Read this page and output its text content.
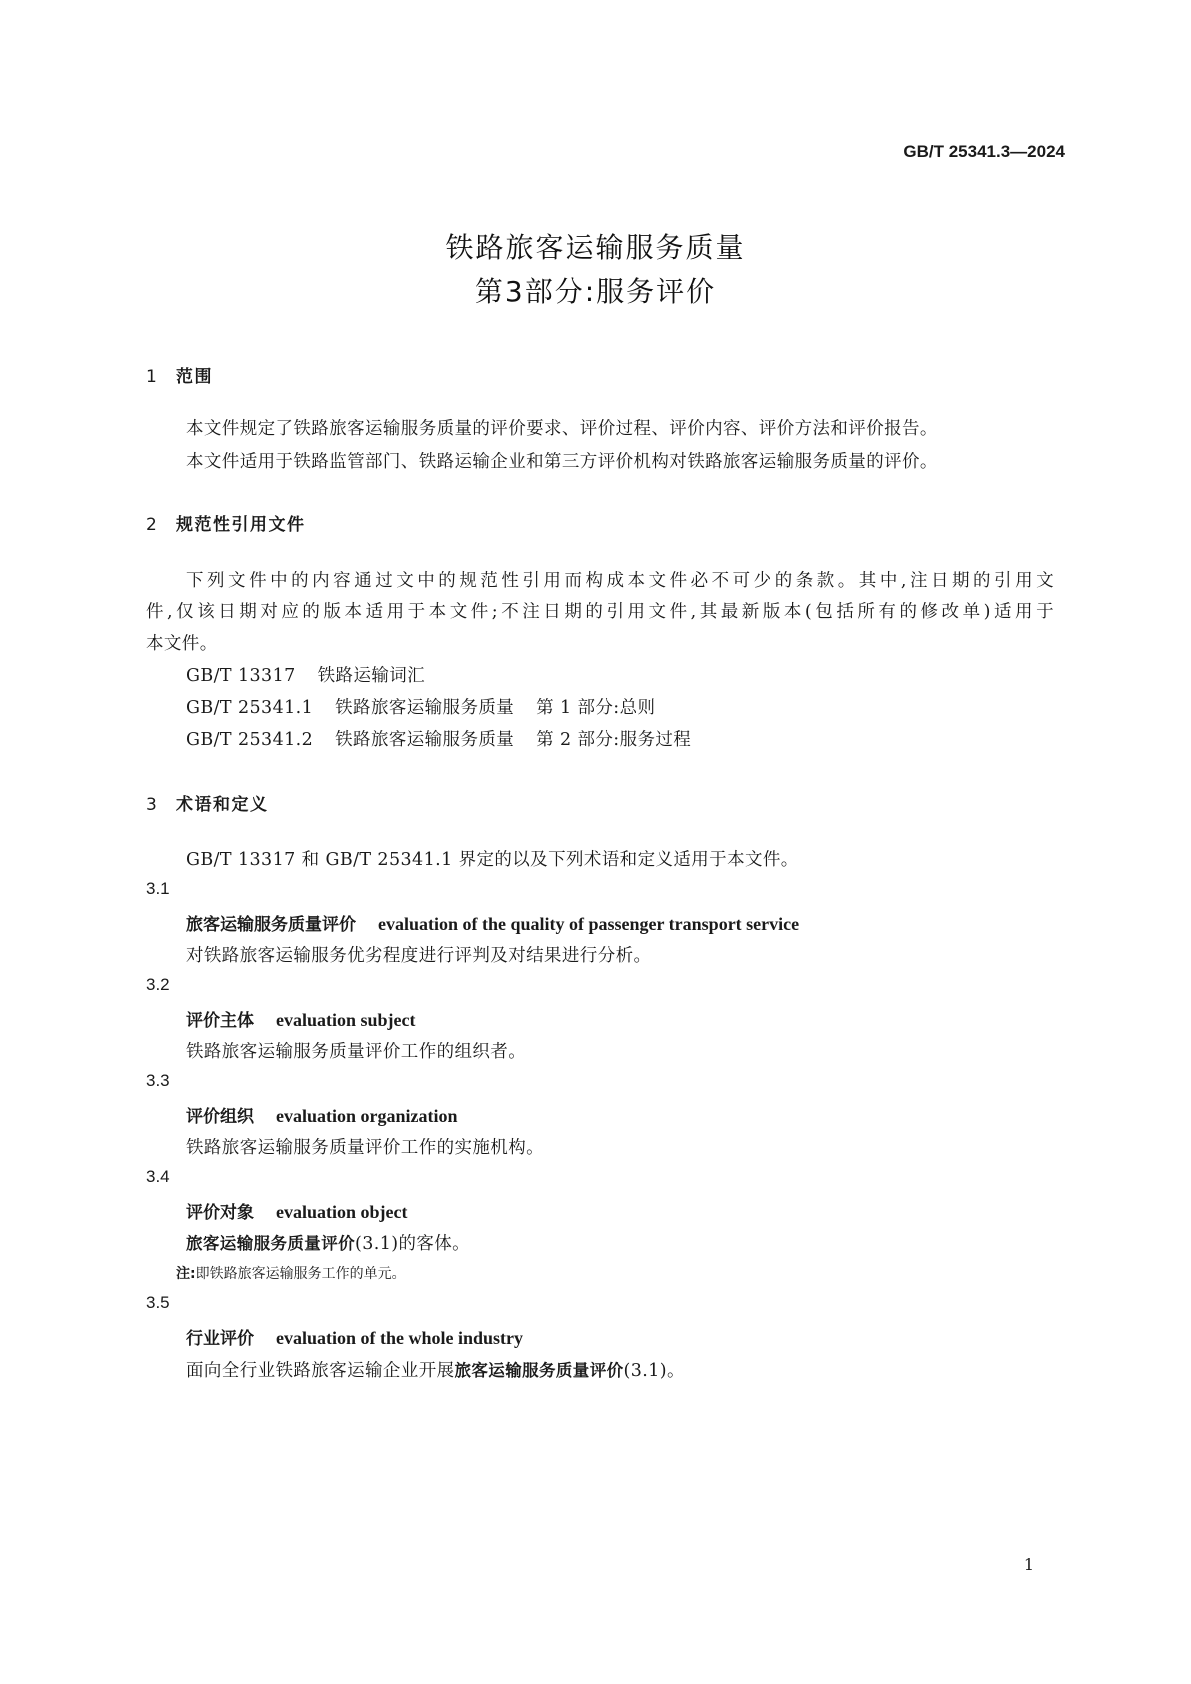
GB/T 25341.3—2024
铁路旅客运输服务质量
第3部分:服务评价
1 范围
本文件规定了铁路旅客运输服务质量的评价要求、评价过程、评价内容、评价方法和评价报告。
本文件适用于铁路监管部门、铁路运输企业和第三方评价机构对铁路旅客运输服务质量的评价。
2 规范性引用文件
下列文件中的内容通过文中的规范性引用而构成本文件必不可少的条款。其中,注日期的引用文
件,仅该日期对应的版本适用于本文件;不注日期的引用文件,其最新版本(包括所有的修改单)适用于
本文件。
GB/T 13317 铁路运输词汇
GB/T 25341.1 铁路旅客运输服务质量 第 1 部分:总则
GB/T 25341.2 铁路旅客运输服务质量 第 2 部分:服务过程
3 术语和定义
GB/T 13317 和 GB/T 25341.1 界定的以及下列术语和定义适用于本文件。
3.1
旅客运输服务质量评价 evaluation of the quality of passenger transport service
对铁路旅客运输服务优劣程度进行评判及对结果进行分析。
3.2
评价主体 evaluation subject
铁路旅客运输服务质量评价工作的组织者。
3.3
评价组织 evaluation organization
铁路旅客运输服务质量评价工作的实施机构。
3.4
评价对象 evaluation object
旅客运输服务质量评价(3.1)的客体。
注:即铁路旅客运输服务工作的单元。
3.5
行业评价 evaluation of the whole industry
面向全行业铁路旅客运输企业开展旅客运输服务质量评价(3.1)。
1
